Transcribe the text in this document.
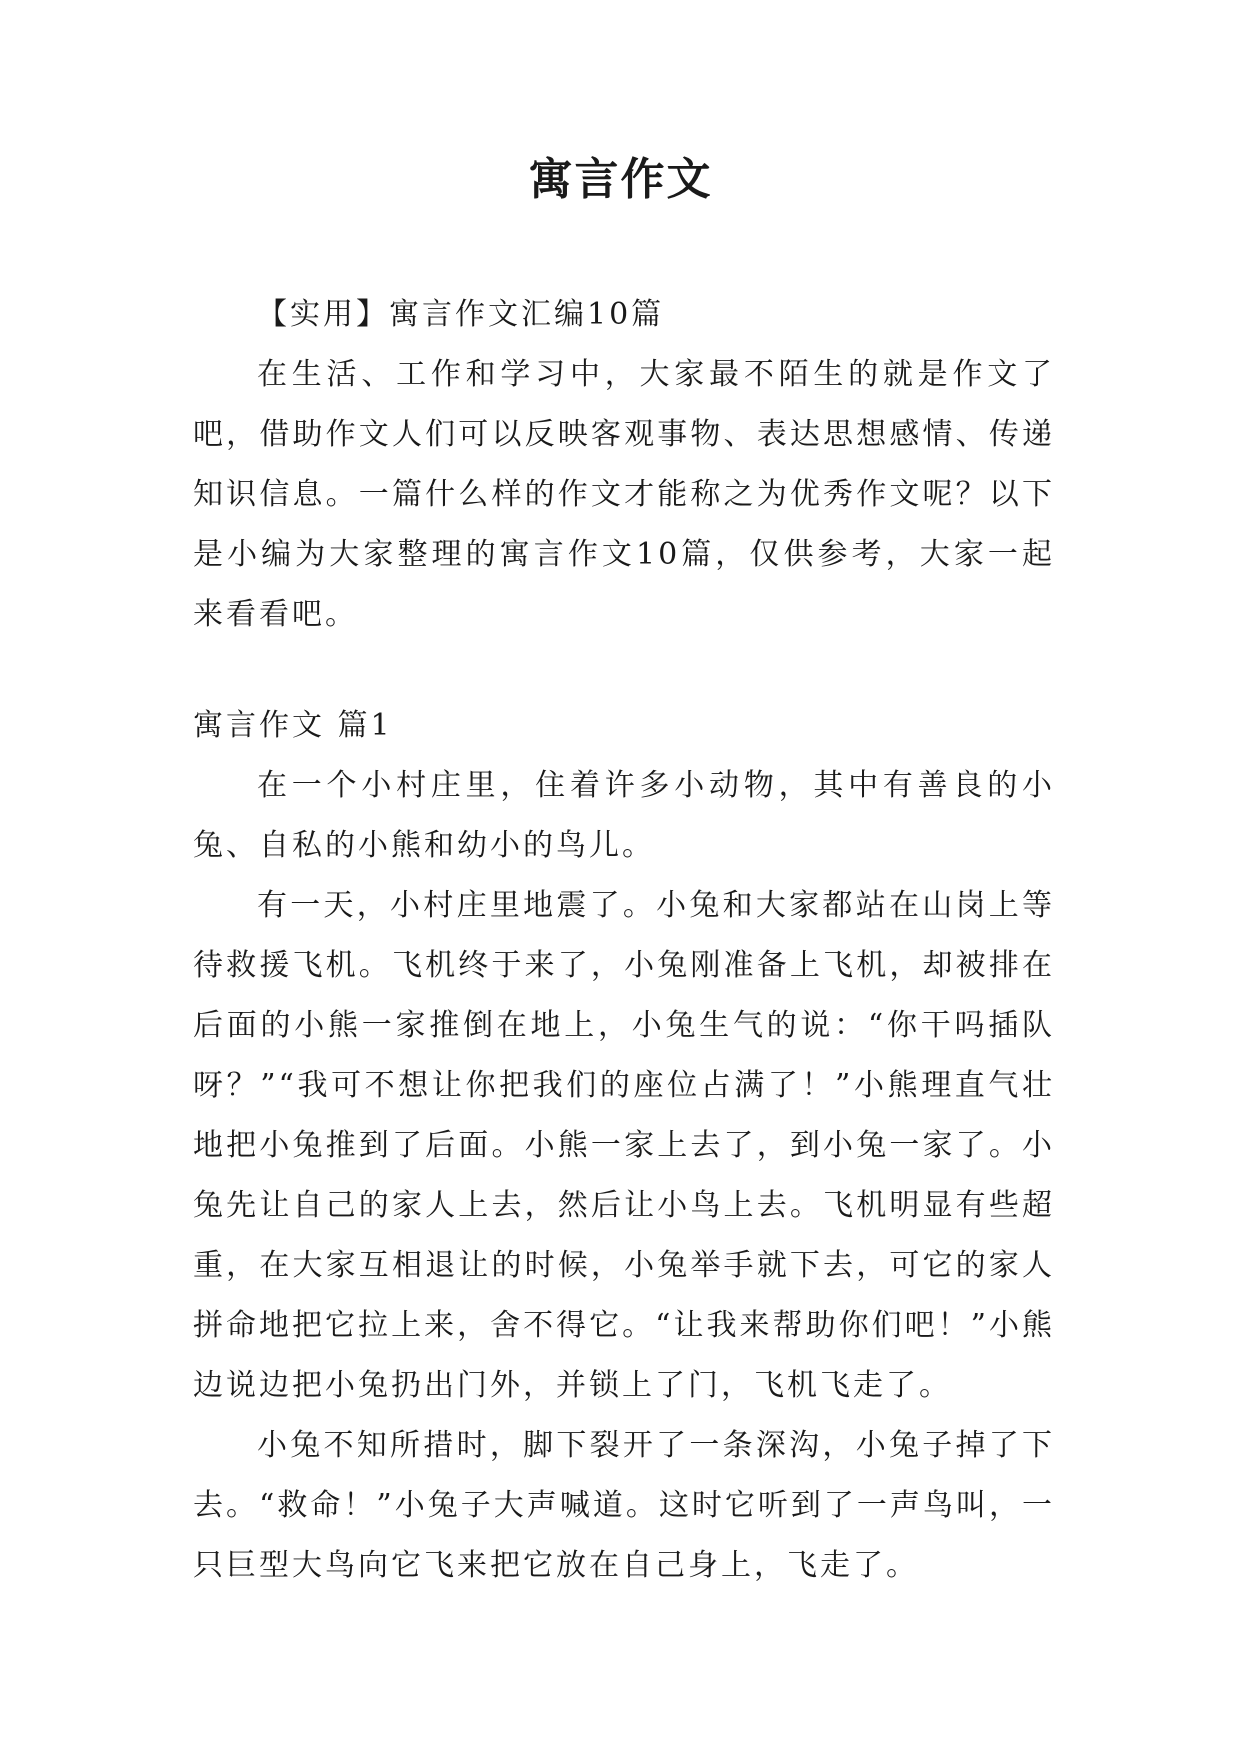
寓言作文

【实用】寓言作文汇编10篇

在生活、工作和学习中，大家最不陌生的就是作文了吧，借助作文人们可以反映客观事物、表达思想感情、传递知识信息。一篇什么样的作文才能称之为优秀作文呢？以下是小编为大家整理的寓言作文10篇，仅供参考，大家一起来看看吧。

寓言作文 篇1

在一个小村庄里，住着许多小动物，其中有善良的小兔、自私的小熊和幼小的鸟儿。

有一天，小村庄里地震了。小兔和大家都站在山岗上等待救援飞机。飞机终于来了，小兔刚准备上飞机，却被排在后面的小熊一家推倒在地上，小兔生气的说：“你干吗插队呀？”“我可不想让你把我们的座位占满了！”小熊理直气壮地把小兔推到了后面。小熊一家上去了，到小兔一家了。小兔先让自己的家人上去，然后让小鸟上去。飞机明显有些超重，在大家互相退让的时候，小兔举手就下去，可它的家人拼命地把它拉上来，舍不得它。“让我来帮助你们吧！”小熊边说边把小兔扔出门外，并锁上了门，飞机飞走了。

小兔不知所措时，脚下裂开了一条深沟，小兔子掉了下去。“救命！”小兔子大声喊道。这时它听到了一声鸟叫，一只巨型大鸟向它飞来把它放在自己身上，飞走了。
